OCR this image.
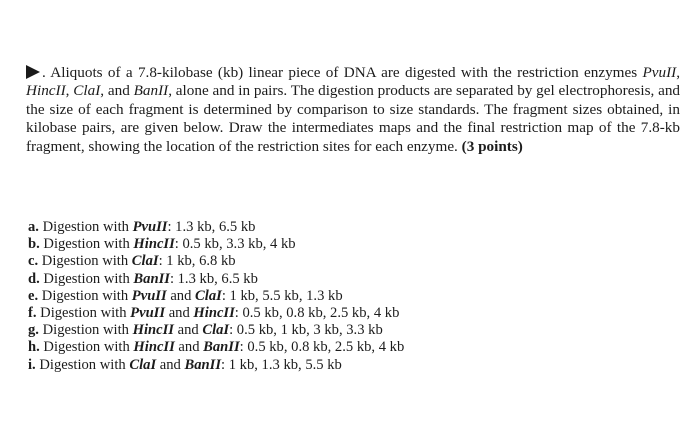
. Aliquots of a 7.8-kilobase (kb) linear piece of DNA are digested with the restriction enzymes PvuII, HincII, ClaI, and BanII, alone and in pairs. The digestion products are separated by gel electrophoresis, and the size of each fragment is determined by comparison to size standards. The fragment sizes obtained, in kilobase pairs, are given below. Draw the intermediates maps and the final restriction map of the 7.8-kb fragment, showing the location of the restriction sites for each enzyme. (3 points)
a. Digestion with PvuII: 1.3 kb, 6.5 kb
b. Digestion with HincII: 0.5 kb, 3.3 kb, 4 kb
c. Digestion with ClaI: 1 kb, 6.8 kb
d. Digestion with BanII: 1.3 kb, 6.5 kb
e. Digestion with PvuII and ClaI: 1 kb, 5.5 kb, 1.3 kb
f. Digestion with PvuII and HincII: 0.5 kb, 0.8 kb, 2.5 kb, 4 kb
g. Digestion with HincII and ClaI: 0.5 kb, 1 kb, 3 kb, 3.3 kb
h. Digestion with HincII and BanII: 0.5 kb, 0.8 kb, 2.5 kb, 4 kb
i. Digestion with ClaI and BanII: 1 kb, 1.3 kb, 5.5 kb
